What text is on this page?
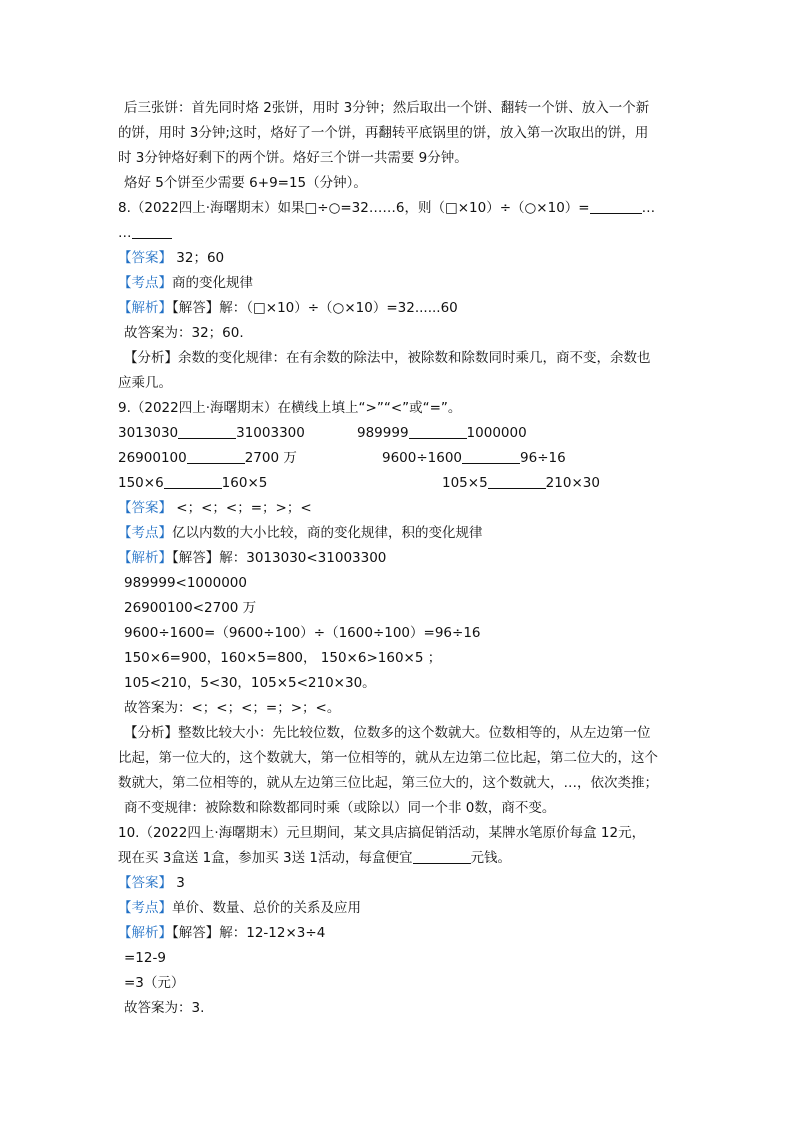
后三张饼：首先同时烙 2张饼，用时 3分钟；然后取出一个饼、翻转一个饼、放入一个新
的饼，用时 3分钟;这时，烙好了一个饼，再翻转平底锅里的饼，放入第一次取出的饼，用
时 3分钟烙好剩下的两个饼。烙好三个饼一共需要 9分钟。
烙好 5个饼至少需要 6+9=15（分钟）。
8.（2022四上·海曙期末）如果□÷○=32……6，则（□×10）÷（○×10）=	…
…
【答案】 32；60
【考点】商的变化规律
【解析】【解答】解：（□×10）÷（○×10）=32......60
故答案为：32；60.
【分析】余数的变化规律：在有余数的除法中，被除数和除数同时乘几，商不变，余数也
应乘几。
9.（2022四上·海曙期末）在横线上填上“>”“<”或“=”。
3013030	31003300	989999	1000000
26900100	2700 万	9600÷1600	96÷16
150×6	160×5	105×5	210×30
【答案】 <；<；<；=；>；<
【考点】亿以内数的大小比较，商的变化规律，积的变化规律
【解析】【解答】解：3013030<31003300
989999<1000000
26900100<2700 万
9600÷1600=（9600÷100）÷（1600÷100）=96÷16
150×6=900，160×5=800， 150×6>160×5 ；
105<210，5<30，105×5<210×30。
故答案为：<；<；<；=；>；<。
【分析】整数比较大小：先比较位数，位数多的这个数就大。位数相等的，从左边第一位
比起，第一位大的，这个数就大，第一位相等的，就从左边第二位比起，第二位大的，这个
数就大，第二位相等的，就从左边第三位比起，第三位大的，这个数就大，…，依次类推；
商不变规律：被除数和除数都同时乘（或除以）同一个非 0数，商不变。
10.（2022四上·海曙期末）元旦期间，某文具店搞促销活动，某牌水笔原价每盒 12元，
现在买 3盒送 1盒，参加买 3送 1活动，每盒便宜	元钱。
【答案】 3
【考点】单价、数量、总价的关系及应用
【解析】【解答】解：12-12×3÷4
=12-9
=3（元）
故答案为：3.
